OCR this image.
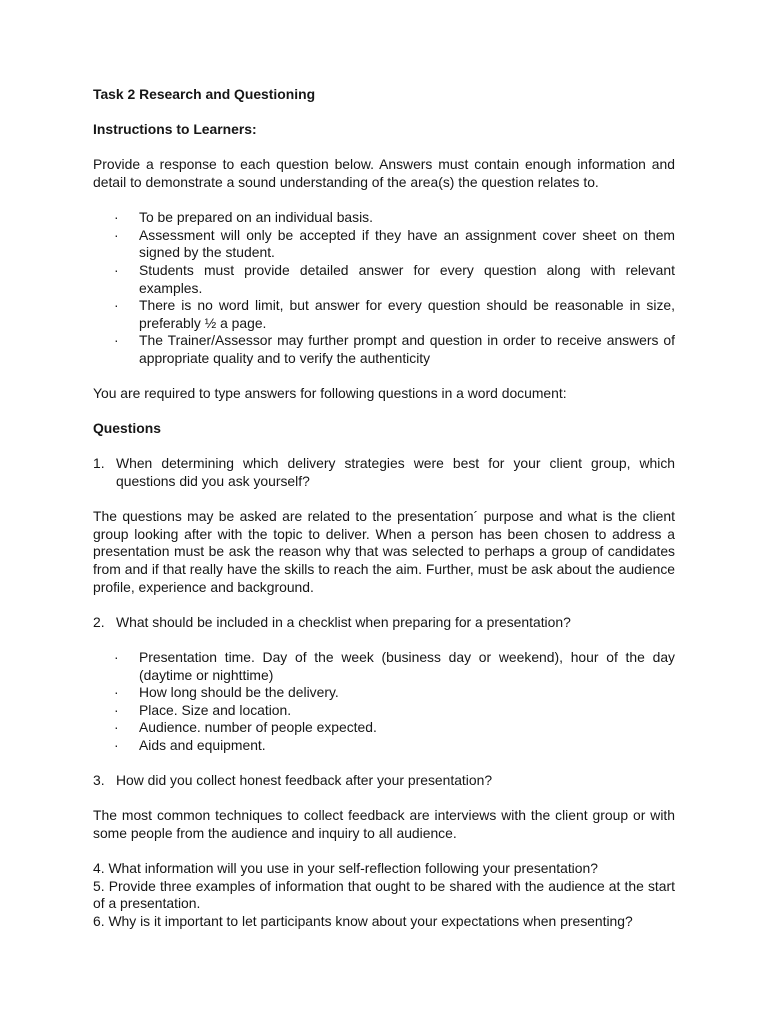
Task 2 Research and Questioning

Instructions to Learners:

Provide a response to each question below. Answers must contain enough information and detail to demonstrate a sound understanding of the area(s) the question relates to.

· To be prepared on an individual basis.
· Assessment will only be accepted if they have an assignment cover sheet on them signed by the student.
· Students must provide detailed answer for every question along with relevant examples.
· There is no word limit, but answer for every question should be reasonable in size, preferably ½ a page.
· The Trainer/Assessor may further prompt and question in order to receive answers of appropriate quality and to verify the authenticity

You are required to type answers for following questions in a word document:

Questions

1. When determining which delivery strategies were best for your client group, which questions did you ask yourself?

The questions may be asked are related to the presentation´ purpose and what is the client group looking after with the topic to deliver. When a person has been chosen to address a presentation must be ask the reason why that was selected to perhaps a group of candidates from and if that really have the skills to reach the aim. Further, must be ask about the audience profile, experience and background.

2. What should be included in a checklist when preparing for a presentation?
· Presentation time. Day of the week (business day or weekend), hour of the day (daytime or nighttime)
· How long should be the delivery.
· Place. Size and location.
· Audience. number of people expected.
· Aids and equipment.
3. How did you collect honest feedback after your presentation?

The most common techniques to collect feedback are interviews with the client group or with some people from the audience and inquiry to all audience.

4. What information will you use in your self-reflection following your presentation?

5. Provide three examples of information that ought to be shared with the audience at the start of a presentation.

6. Why is it important to let participants know about your expectations when presenting?
